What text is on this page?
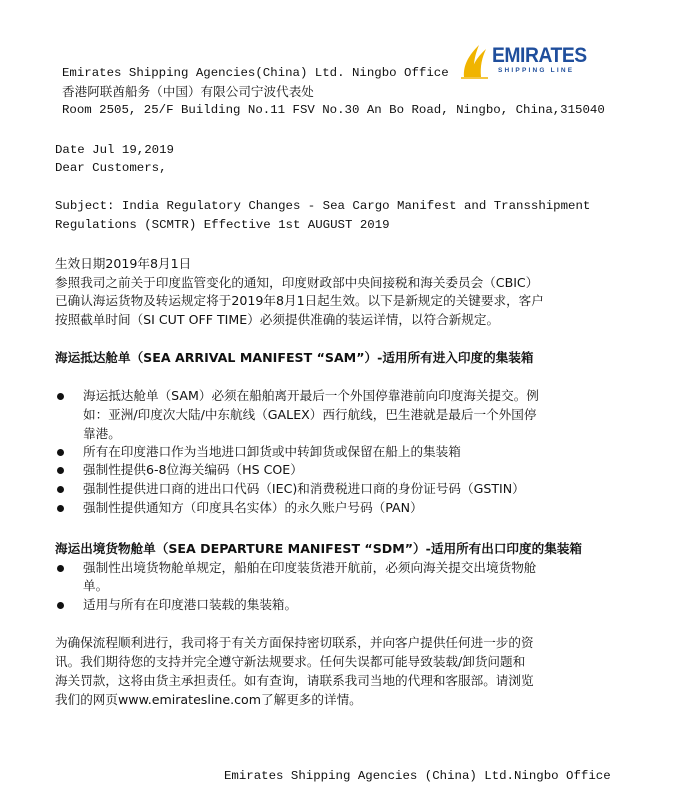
EMIRATES
SHIPPING LINE
Emirates Shipping Agencies(China) Ltd. Ningbo Office
香港阿联酋船务（中国）有限公司宁波代表处
Room 2505, 25/F Building No.11 FSV No.30 An Bo Road, Ningbo, China,315040
Date Jul 19,2019
Dear Customers,
Subject: India Regulatory Changes - Sea Cargo Manifest and Transshipment
Regulations (SCMTR) Effective 1st AUGUST 2019
生效日期2019年8月1日
参照我司之前关于印度监管变化的通知，印度财政部中央间接税和海关委员会（CBIC）
已确认海运货物及转运规定将于2019年8月1日起生效。以下是新规定的关键要求，客户
按照截单时间（SI CUT OFF TIME）必须提供准确的装运详情，以符合新规定。
海运抵达舱单（SEA ARRIVAL MANIFEST “SAM”）-适用所有进入印度的集装箱
海运抵达舱单（SAM）必须在船舶离开最后一个外国停靠港前向印度海关提交。例
如：亚洲/印度次大陆/中东航线（GALEX）西行航线，巴生港就是最后一个外国停
靠港。
所有在印度港口作为当地进口卸货或中转卸货或保留在船上的集装箱
强制性提供6-8位海关编码（HS COE）
强制性提供进口商的进出口代码（IEC)和消费税进口商的身份证号码（GSTIN）
强制性提供通知方（印度具名实体）的永久账户号码（PAN）
海运出境货物舱单（SEA DEPARTURE MANIFEST “SDM”）-适用所有出口印度的集装箱
强制性出境货物舱单规定，船舶在印度装货港开航前，必须向海关提交出境货物舱
单。
适用与所有在印度港口装载的集装箱。
为确保流程顺利进行，我司将于有关方面保持密切联系，并向客户提供任何进一步的资
讯。我们期待您的支持并完全遵守新法规要求。任何失误都可能导致装载/卸货问题和
海关罚款，这将由货主承担责任。如有查询，请联系我司当地的代理和客服部。请浏览
我们的网页www.emiratesline.com了解更多的详情。
Emirates Shipping Agencies (China) Ltd.Ningbo Office
